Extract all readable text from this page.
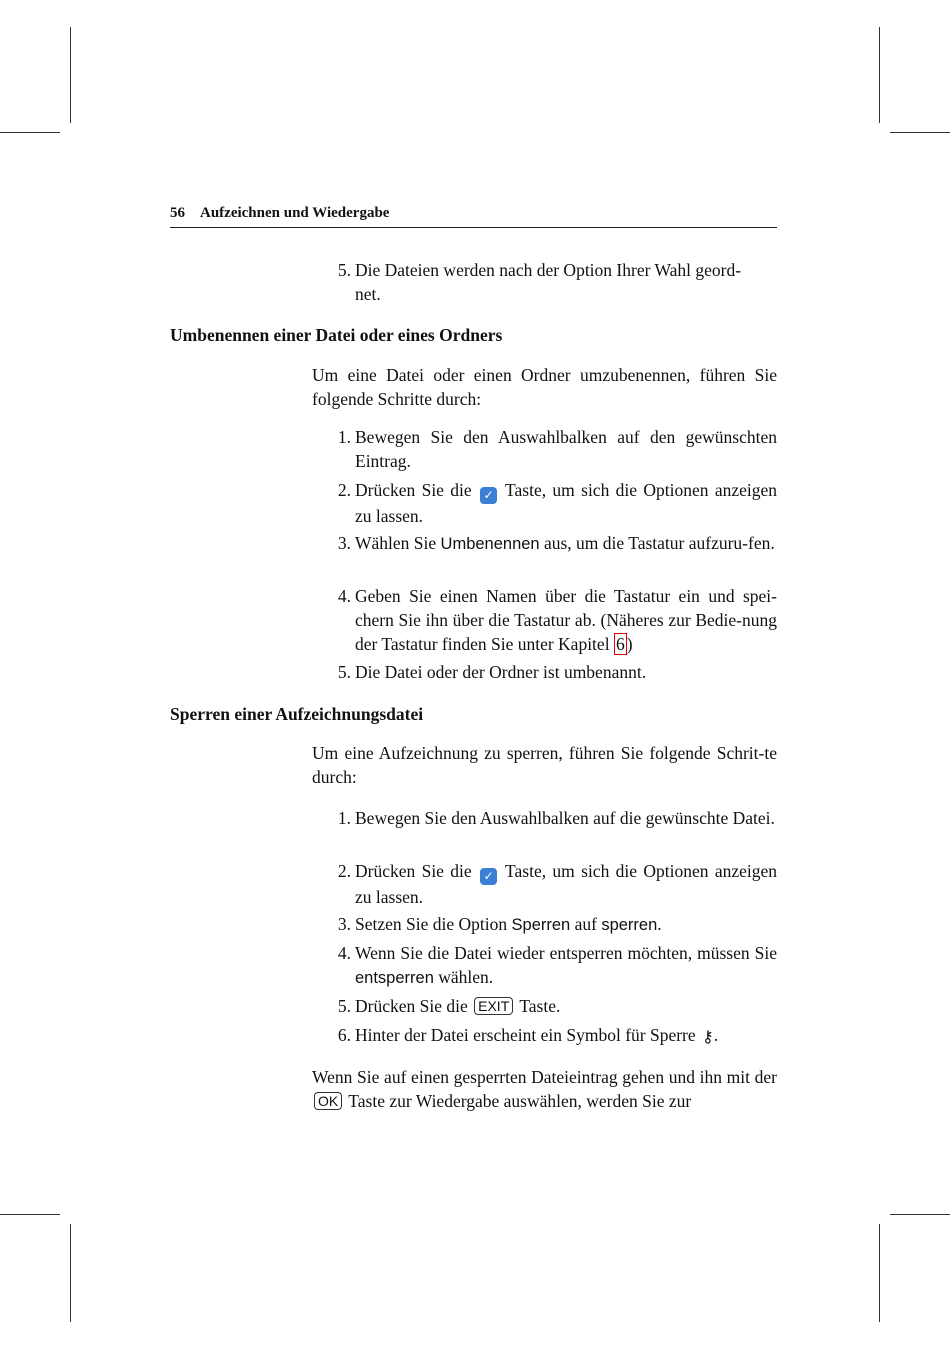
56 Aufzeichnen und Wiedergabe
5. Die Dateien werden nach der Option Ihrer Wahl geord-
net.
Umbenennen einer Datei oder eines Ordners
Um eine Datei oder einen Ordner umzubenennen, führen Sie folgende Schritte durch:
1. Bewegen Sie den Auswahlbalken auf den gewünschten Eintrag.
2. Drücken Sie die ✓ Taste, um sich die Optionen anzeigen zu lassen.
3. Wählen Sie Umbenennen aus, um die Tastatur aufzuru-fen.
4. Geben Sie einen Namen über die Tastatur ein und spei-chern Sie ihn über die Tastatur ab. (Näheres zur Bedie-nung der Tastatur finden Sie unter Kapitel 6 )
5. Die Datei oder der Ordner ist umbenannt.
Sperren einer Aufzeichnungsdatei
Um eine Aufzeichnung zu sperren, führen Sie folgende Schrit-te durch:
1. Bewegen Sie den Auswahlbalken auf die gewünschte Datei.
2. Drücken Sie die ✓ Taste, um sich die Optionen anzeigen zu lassen.
3. Setzen Sie die Option Sperren auf sperren.
4. Wenn Sie die Datei wieder entsperren möchten, müssen Sie entsperren wählen.
5. Drücken Sie die EXIT Taste.
6. Hinter der Datei erscheint ein Symbol für Sperre ⚷.
Wenn Sie auf einen gesperrten Dateieintrag gehen und ihn mit der OK Taste zur Wiedergabe auswählen, werden Sie zur
